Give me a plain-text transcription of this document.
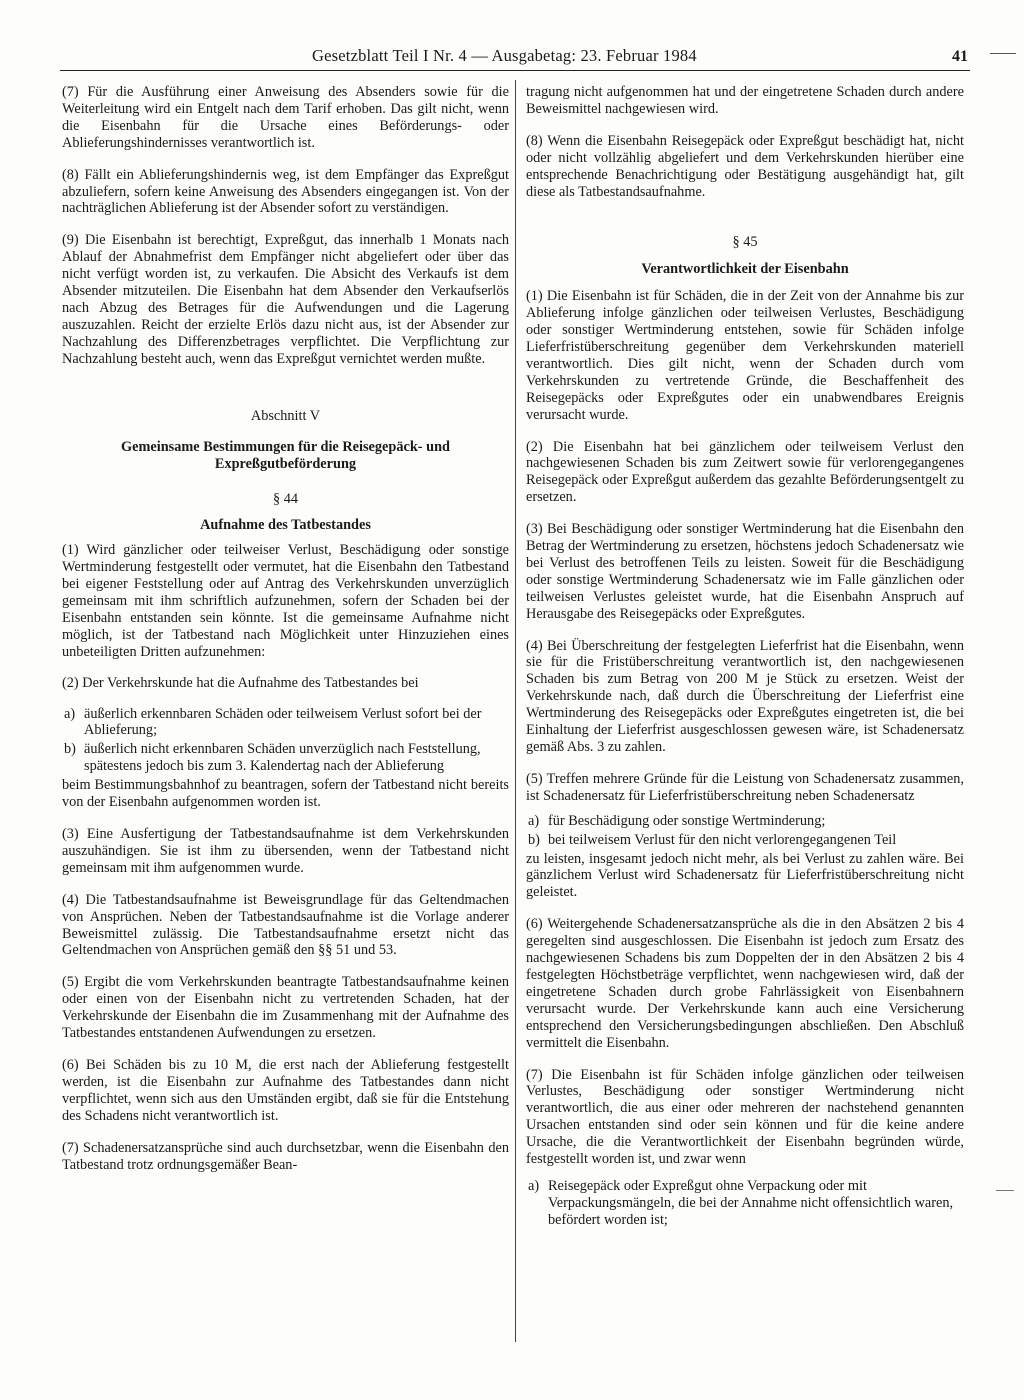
Gesetzblatt Teil I Nr. 4 — Ausgabetag: 23. Februar 1984	41

(7) Für die Ausführung einer Anweisung des Absenders sowie für die Weiterleitung wird ein Entgelt nach dem Tarif erhoben. Das gilt nicht, wenn die Eisenbahn für die Ursache eines Beförderungs- oder Ablieferungshindernisses verantwortlich ist.

(8) Fällt ein Ablieferungshindernis weg, ist dem Empfänger das Expreßgut abzuliefern, sofern keine Anweisung des Absenders eingegangen ist. Von der nachträglichen Ablieferung ist der Absender sofort zu verständigen.

(9) Die Eisenbahn ist berechtigt, Expreßgut, das innerhalb 1 Monats nach Ablauf der Abnahmefrist dem Empfänger nicht abgeliefert oder über das nicht verfügt worden ist, zu verkaufen. Die Absicht des Verkaufs ist dem Absender mitzuteilen. Die Eisenbahn hat dem Absender den Verkaufserlös nach Abzug des Betrages für die Aufwendungen und die Lagerung auszuzahlen. Reicht der erzielte Erlös dazu nicht aus, ist der Absender zur Nachzahlung des Differenzbetrages verpflichtet. Die Verpflichtung zur Nachzahlung besteht auch, wenn das Expreßgut vernichtet werden mußte.

Abschnitt V
Gemeinsame Bestimmungen für die Reisegepäck- und Expreßgutbeförderung
§ 44
Aufnahme des Tatbestandes

(1) Wird gänzlicher oder teilweiser Verlust, Beschädigung oder sonstige Wertminderung festgestellt oder vermutet, hat die Eisenbahn den Tatbestand bei eigener Feststellung oder auf Antrag des Verkehrskunden unverzüglich gemeinsam mit ihm schriftlich aufzunehmen, sofern der Schaden bei der Eisenbahn entstanden sein könnte. Ist die gemeinsame Aufnahme nicht möglich, ist der Tatbestand nach Möglichkeit unter Hinzuziehen eines unbeteiligten Dritten aufzunehmen:

(2) Der Verkehrskunde hat die Aufnahme des Tatbestandes bei

a) äußerlich erkennbaren Schäden oder teilweisem Verlust sofort bei der Ablieferung;
b) äußerlich nicht erkennbaren Schäden unverzüglich nach Feststellung, spätestens jedoch bis zum 3. Kalendertag nach der Ablieferung

beim Bestimmungsbahnhof zu beantragen, sofern der Tatbestand nicht bereits von der Eisenbahn aufgenommen worden ist.

(3) Eine Ausfertigung der Tatbestandsaufnahme ist dem Verkehrskunden auszuhändigen. Sie ist ihm zu übersenden, wenn der Tatbestand nicht gemeinsam mit ihm aufgenommen wurde.

(4) Die Tatbestandsaufnahme ist Beweisgrundlage für das Geltendmachen von Ansprüchen. Neben der Tatbestandsaufnahme ist die Vorlage anderer Beweismittel zulässig. Die Tatbestandsaufnahme ersetzt nicht das Geltendmachen von Ansprüchen gemäß den §§ 51 und 53.

(5) Ergibt die vom Verkehrskunden beantragte Tatbestandsaufnahme keinen oder einen von der Eisenbahn nicht zu vertretenden Schaden, hat der Verkehrskunde der Eisenbahn die im Zusammenhang mit der Aufnahme des Tatbestandes entstandenen Aufwendungen zu ersetzen.

(6) Bei Schäden bis zu 10 M, die erst nach der Ablieferung festgestellt werden, ist die Eisenbahn zur Aufnahme des Tatbestandes dann nicht verpflichtet, wenn sich aus den Umständen ergibt, daß sie für die Entstehung des Schadens nicht verantwortlich ist.

(7) Schadenersatzansprüche sind auch durchsetzbar, wenn die Eisenbahn den Tatbestand trotz ordnungsgemäßer Bean-

tragung nicht aufgenommen hat und der eingetretene Schaden durch andere Beweismittel nachgewiesen wird.

(8) Wenn die Eisenbahn Reisegepäck oder Expreßgut beschädigt hat, nicht oder nicht vollzählig abgeliefert und dem Verkehrskunden hierüber eine entsprechende Benachrichtigung oder Bestätigung ausgehändigt hat, gilt diese als Tatbestandsaufnahme.

§ 45
Verantwortlichkeit der Eisenbahn

(1) Die Eisenbahn ist für Schäden, die in der Zeit von der Annahme bis zur Ablieferung infolge gänzlichen oder teilweisen Verlustes, Beschädigung oder sonstiger Wertminderung entstehen, sowie für Schäden infolge Lieferfristüberschreitung gegenüber dem Verkehrskunden materiell verantwortlich. Dies gilt nicht, wenn der Schaden durch vom Verkehrskunden zu vertretende Gründe, die Beschaffenheit des Reisegepäcks oder Expreßgutes oder ein unabwendbares Ereignis verursacht wurde.

(2) Die Eisenbahn hat bei gänzlichem oder teilweisem Verlust den nachgewiesenen Schaden bis zum Zeitwert sowie für verlorengegangenes Reisegepäck oder Expreßgut außerdem das gezahlte Beförderungsentgelt zu ersetzen.

(3) Bei Beschädigung oder sonstiger Wertminderung hat die Eisenbahn den Betrag der Wertminderung zu ersetzen, höchstens jedoch Schadenersatz wie bei Verlust des betroffenen Teils zu leisten. Soweit für die Beschädigung oder sonstige Wertminderung Schadenersatz wie im Falle gänzlichen oder teilweisen Verlustes geleistet wurde, hat die Eisenbahn Anspruch auf Herausgabe des Reisegepäcks oder Expreßgutes.

(4) Bei Überschreitung der festgelegten Lieferfrist hat die Eisenbahn, wenn sie für die Fristüberschreitung verantwortlich ist, den nachgewiesenen Schaden bis zum Betrag von 200 M je Stück zu ersetzen. Weist der Verkehrskunde nach, daß durch die Überschreitung der Lieferfrist eine Wertminderung des Reisegepäcks oder Expreßgutes eingetreten ist, die bei Einhaltung der Lieferfrist ausgeschlossen gewesen wäre, ist Schadenersatz gemäß Abs. 3 zu zahlen.

(5) Treffen mehrere Gründe für die Leistung von Schadenersatz zusammen, ist Schadenersatz für Lieferfristüberschreitung neben Schadenersatz

a) für Beschädigung oder sonstige Wertminderung;
b) bei teilweisem Verlust für den nicht verlorengegangenen Teil

zu leisten, insgesamt jedoch nicht mehr, als bei Verlust zu zahlen wäre. Bei gänzlichem Verlust wird Schadenersatz für Lieferfristüberschreitung nicht geleistet.

(6) Weitergehende Schadenersatzansprüche als die in den Absätzen 2 bis 4 geregelten sind ausgeschlossen. Die Eisenbahn ist jedoch zum Ersatz des nachgewiesenen Schadens bis zum Doppelten der in den Absätzen 2 bis 4 festgelegten Höchstbeträge verpflichtet, wenn nachgewiesen wird, daß der eingetretene Schaden durch grobe Fahrlässigkeit von Eisenbahnern verursacht wurde. Der Verkehrskunde kann auch eine Versicherung entsprechend den Versicherungsbedingungen abschließen. Den Abschluß vermittelt die Eisenbahn.

(7) Die Eisenbahn ist für Schäden infolge gänzlichen oder teilweisen Verlustes, Beschädigung oder sonstiger Wertminderung nicht verantwortlich, die aus einer oder mehreren der nachstehend genannten Ursachen entstanden sind oder sein können und für die keine andere Ursache, die die Verantwortlichkeit der Eisenbahn begründen würde, festgestellt worden ist, und zwar wenn

a) Reisegepäck oder Expreßgut ohne Verpackung oder mit Verpackungsmängeln, die bei der Annahme nicht offensichtlich waren, befördert worden ist;
